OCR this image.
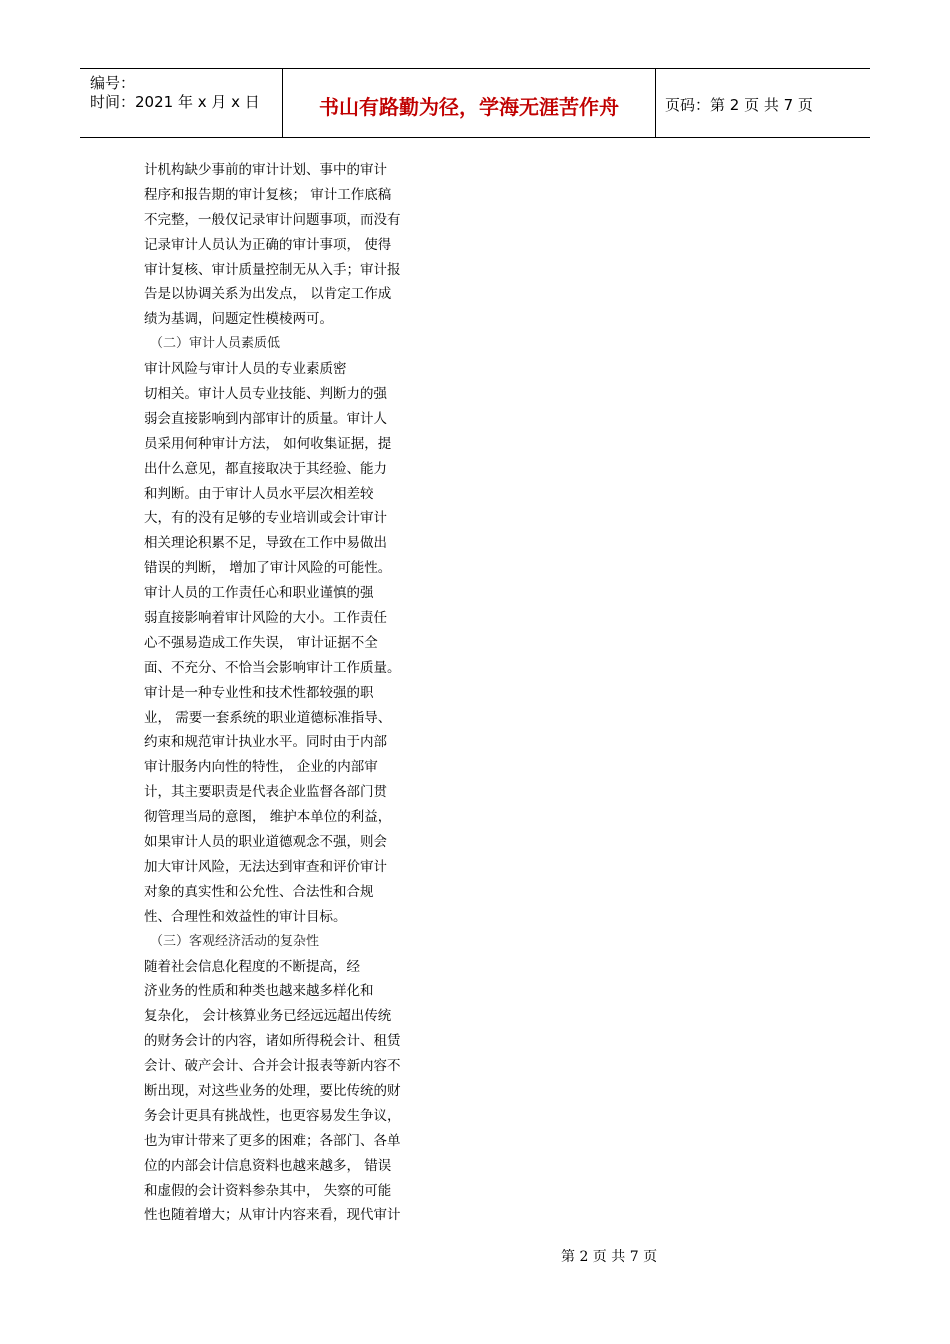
编号：
时间：2021 年 x 月 x 日	书山有路勤为径，学海无涯苦作舟	页码：第 2 页 共 7 页
计机构缺少事前的审计计划、事中的审计
程序和报告期的审计复核； 审计工作底稿
不完整，一般仅记录审计问题事项，而没有
记录审计人员认为正确的审计事项， 使得
审计复核、审计质量控制无从入手；审计报
告是以协调关系为出发点， 以肯定工作成
绩为基调，问题定性模棱两可。
（二）审计人员素质低
审计风险与审计人员的专业素质密
切相关。审计人员专业技能、判断力的强
弱会直接影响到内部审计的质量。审计人
员采用何种审计方法， 如何收集证据，提
出什么意见，都直接取决于其经验、能力
和判断。由于审计人员水平层次相差较
大，有的没有足够的专业培训或会计审计
相关理论积累不足，导致在工作中易做出
错误的判断， 增加了审计风险的可能性。
审计人员的工作责任心和职业谨慎的强
弱直接影响着审计风险的大小。工作责任
心不强易造成工作失误， 审计证据不全
面、不充分、不恰当会影响审计工作质量。
审计是一种专业性和技术性都较强的职
业， 需要一套系统的职业道德标准指导、
约束和规范审计执业水平。同时由于内部
审计服务内向性的特性， 企业的内部审
计，其主要职责是代表企业监督各部门贯
彻管理当局的意图， 维护本单位的利益，
如果审计人员的职业道德观念不强，则会
加大审计风险，无法达到审查和评价审计
对象的真实性和公允性、合法性和合规
性、合理性和效益性的审计目标。
（三）客观经济活动的复杂性
随着社会信息化程度的不断提高，经
济业务的性质和种类也越来越多样化和
复杂化， 会计核算业务已经远远超出传统
的财务会计的内容，诸如所得税会计、租赁
会计、破产会计、合并会计报表等新内容不
断出现，对这些业务的处理，要比传统的财
务会计更具有挑战性，也更容易发生争议，
也为审计带来了更多的困难；各部门、各单
位的内部会计信息资料也越来越多， 错误
和虚假的会计资料参杂其中， 失察的可能
性也随着增大；从审计内容来看，现代审计
第 2 页 共 7 页
